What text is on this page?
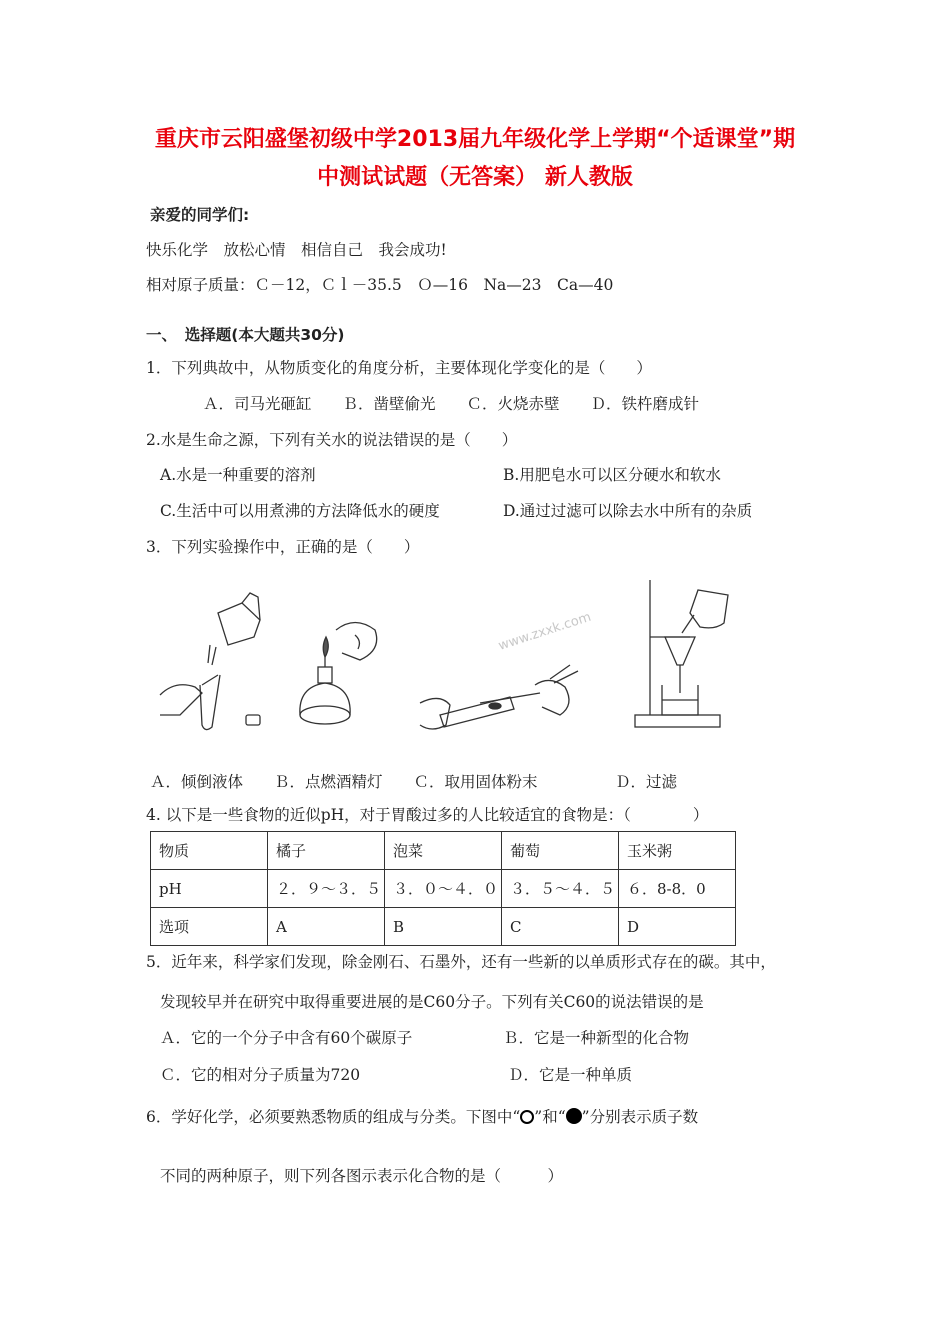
重庆市云阳盛堡初级中学2013届九年级化学上学期“个适课堂”期
中测试试题（无答案） 新人教版
亲爱的同学们:
快乐化学　放松心情　相信自己　我会成功!
相对原子质量：Ｃ－12，Ｃｌ－35.5　Ｏ—16　Na—23　Ca—40
一、　选择题(本大题共30分)
1．下列典故中，从物质变化的角度分析，主要体现化学变化的是（　　）
Ａ．司马光砸缸　　Ｂ．凿壁偷光　　Ｃ．火烧赤壁　　Ｄ．铁杵磨成针
2.水是生命之源，下列有关水的说法错误的是（　　）
A.水是一种重要的溶剂	B.用肥皂水可以区分硬水和软水
C.生活中可以用煮沸的方法降低水的硬度	D.通过过滤可以除去水中所有的杂质
3．下列实验操作中，正确的是（　　）
www.zxxk.com
Ａ．倾倒液体　　Ｂ．点燃酒精灯　　Ｃ．取用固体粉末　　　　　Ｄ．过滤
4. 以下是一些食物的近似pH，对于胃酸过多的人比较适宜的食物是：（　　　　）
物质	橘子	泡菜	葡萄	玉米粥
pH	２．９～３．５	３．０～４．０	３．５～４．５	６．8-8．0
选项	A	B	C	D
5．近年来，科学家们发现，除金刚石、石墨外，还有一些新的以单质形式存在的碳。其中，
发现较早并在研究中取得重要进展的是C60分子。下列有关C60的说法错误的是
Ａ．它的一个分子中含有60个碳原子	Ｂ．它是一种新型的化合物
Ｃ．它的相对分子质量为720	Ｄ．它是一种单质
6．学好化学，必须要熟悉物质的组成与分类。下图中“ ”和“ ”分别表示质子数
不同的两种原子，则下列各图示表示化合物的是（　　　）
